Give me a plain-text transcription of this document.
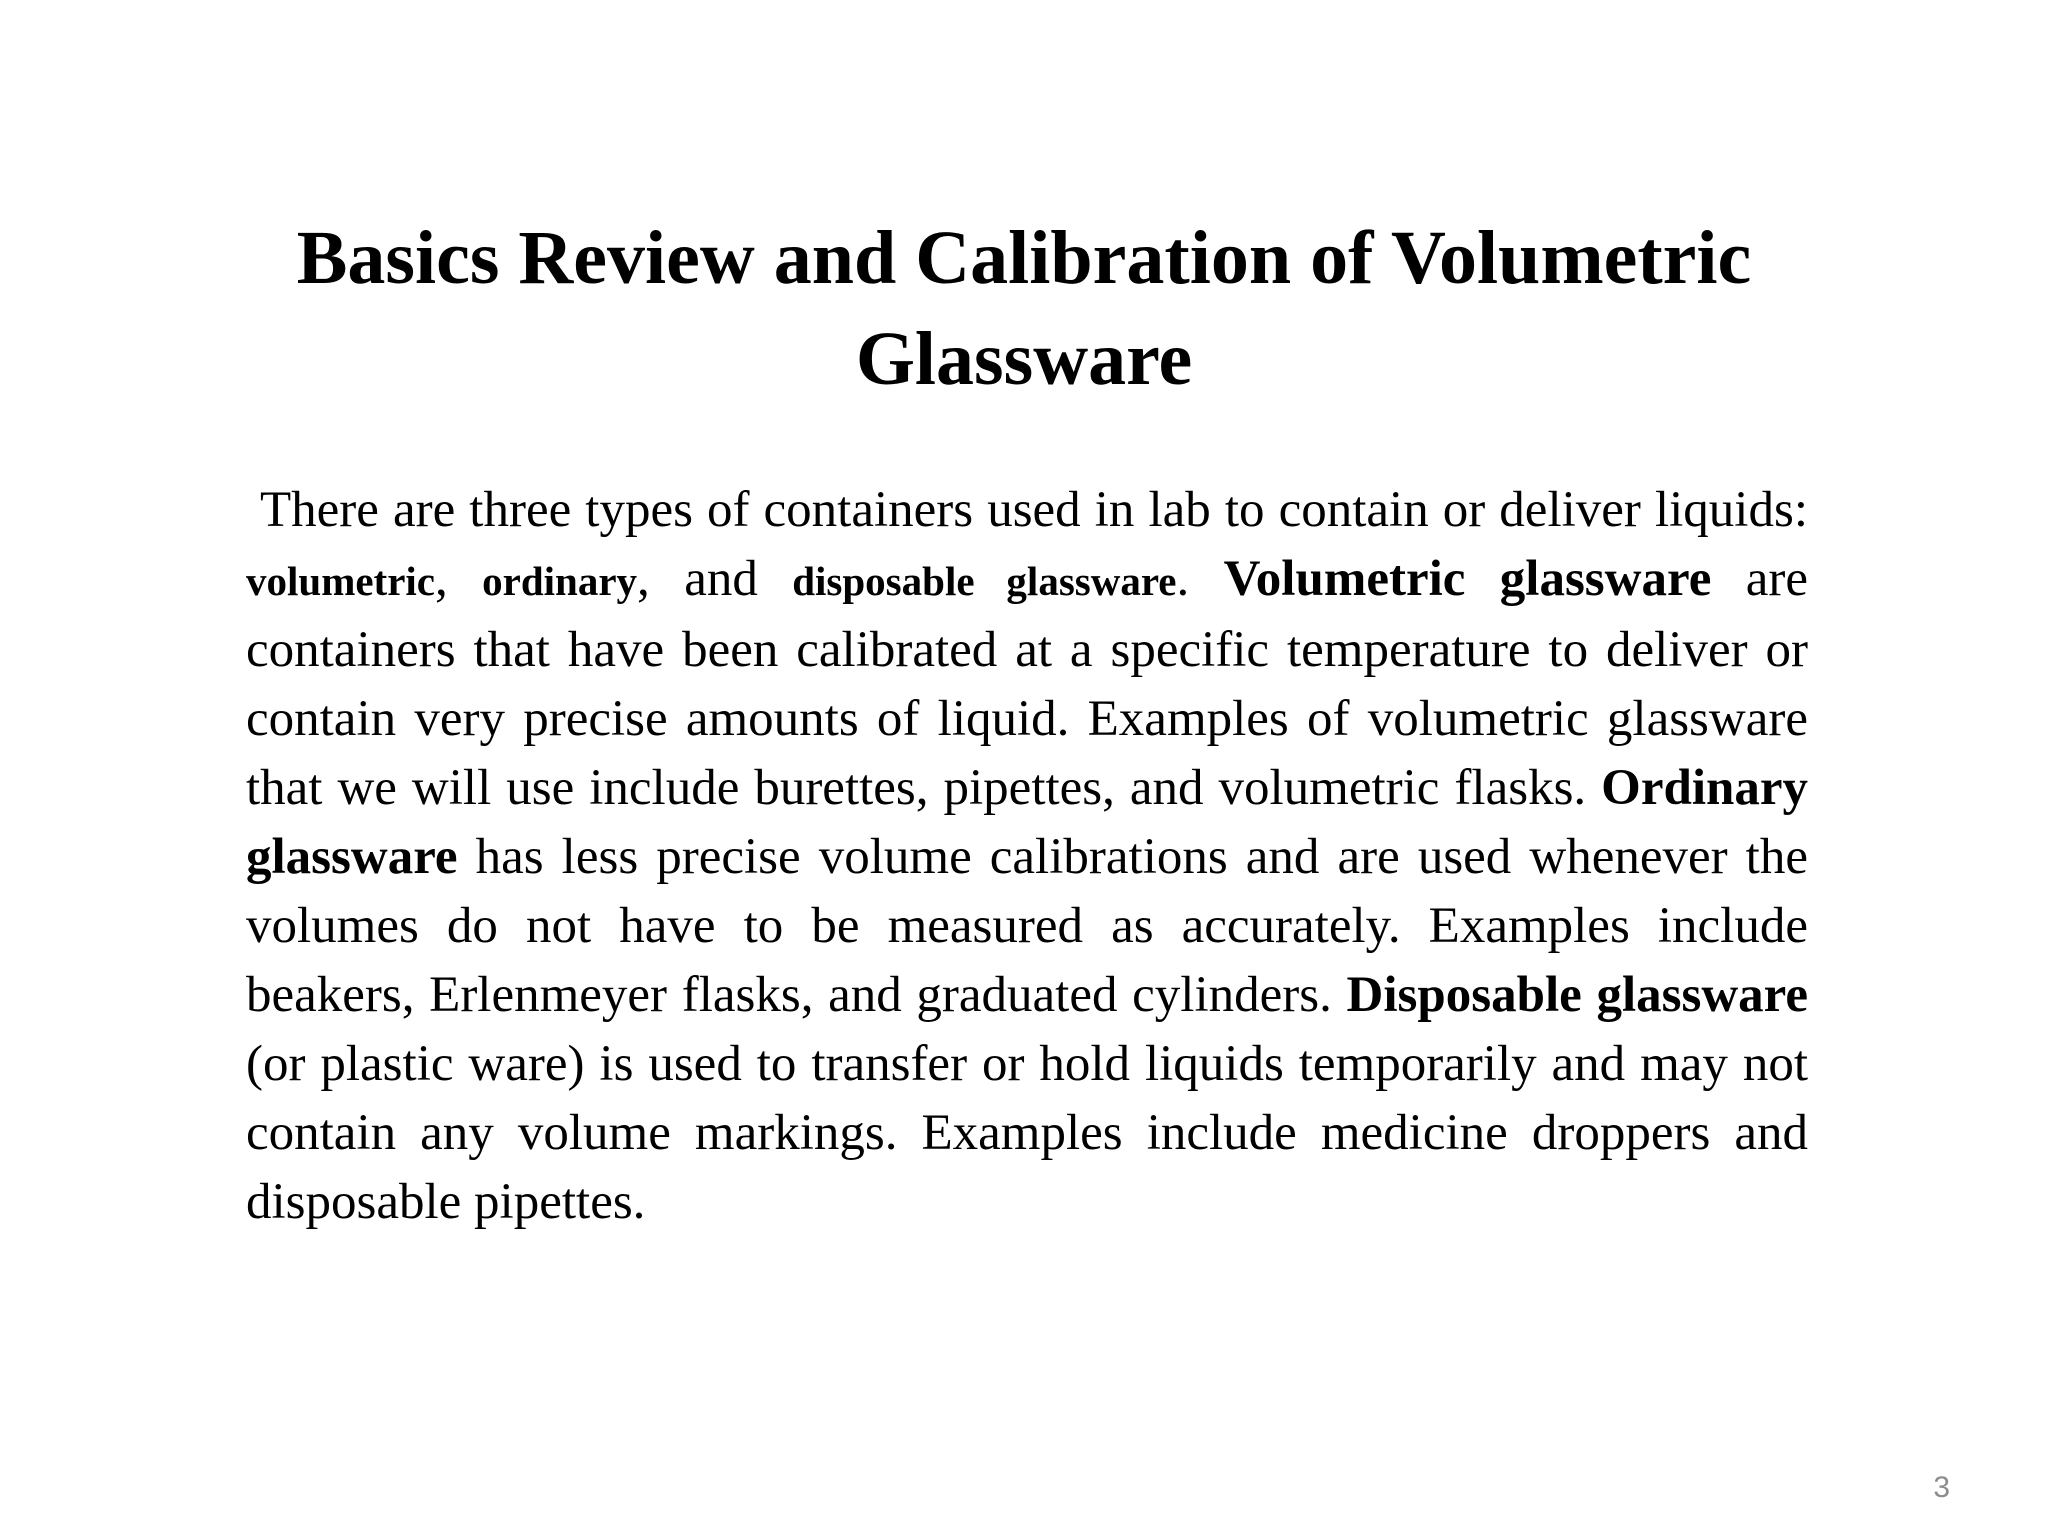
Basics Review and Calibration of Volumetric Glassware

There are three types of containers used in lab to contain or deliver liquids: volumetric, ordinary, and disposable glassware. Volumetric glassware are containers that have been calibrated at a specific temperature to deliver or contain very precise amounts of liquid. Examples of volumetric glassware that we will use include burettes, pipettes, and volumetric flasks. Ordinary glassware has less precise volume calibrations and are used whenever the volumes do not have to be measured as accurately. Examples include beakers, Erlenmeyer flasks, and graduated cylinders. Disposable glassware (or plastic ware) is used to transfer or hold liquids temporarily and may not contain any volume markings. Examples include medicine droppers and disposable pipettes.

3
